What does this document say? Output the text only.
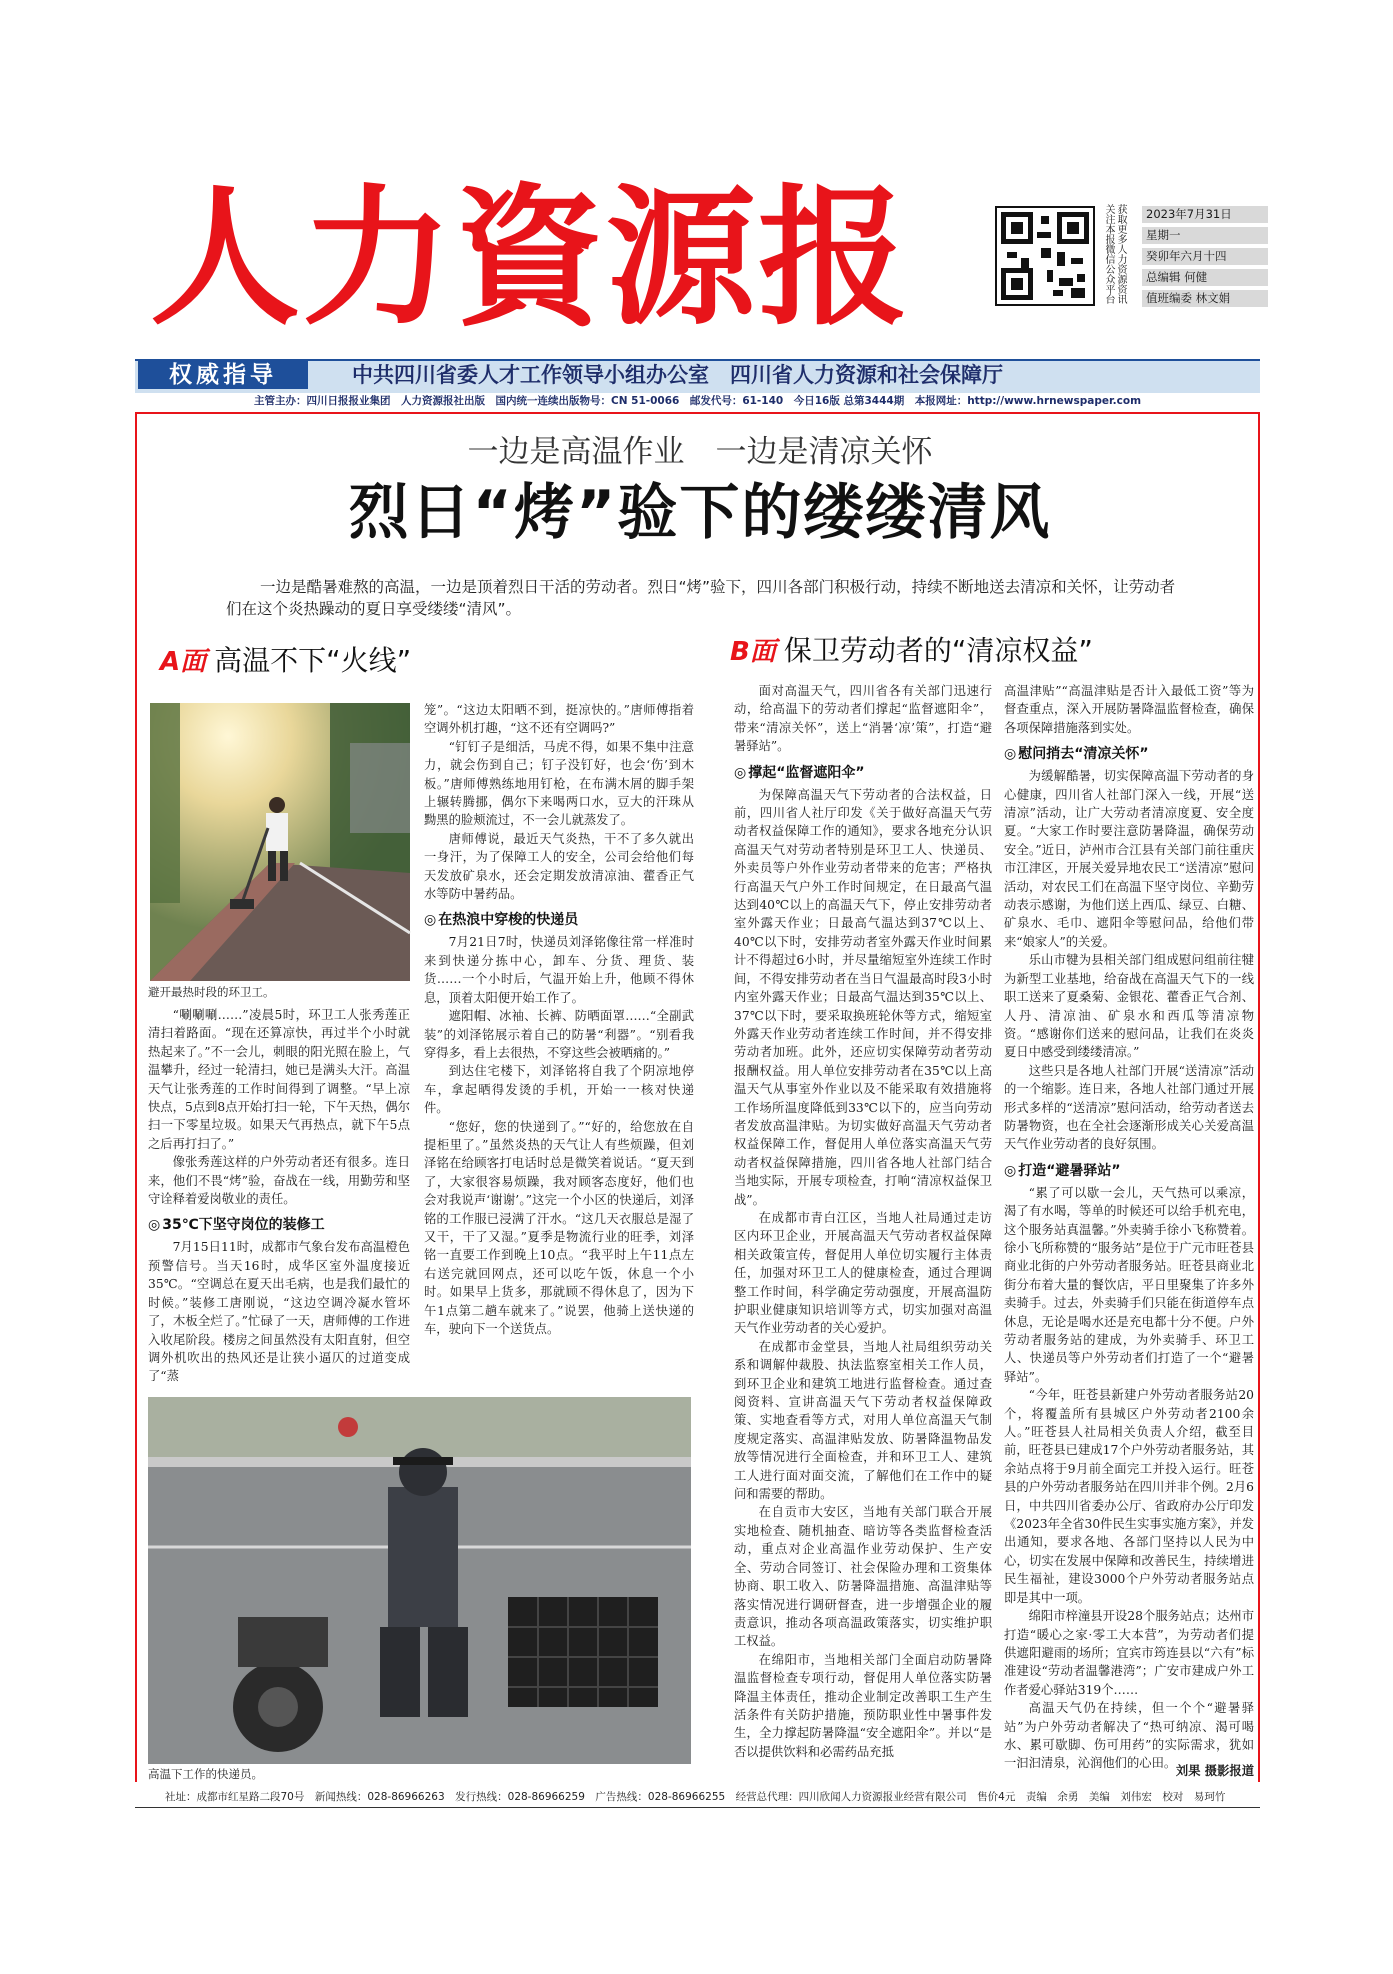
人力資源报	获取更多人力资源资讯 关注本报微信公众平台	2023年7月31日
星期一
癸卯年六月十四
总编辑 何健
值班编委 林文娟
权威指导	中共四川省委人才工作领导小组办公室　四川省人力资源和社会保障厅
主管主办：四川日报报业集团　人力资源报社出版　国内统一连续出版物号：CN 51-0066　邮发代号：61-140　今日16版 总第3444期　本报网址：http://www.hrnewspaper.com
一边是高温作业　一边是清凉关怀
烈日“烤”验下的缕缕清风
一边是酷暑难熬的高温，一边是顶着烈日干活的劳动者。烈日“烤”验下，四川各部门积极行动，持续不断地送去清凉和关怀，让劳动者们在这个炎热躁动的夏日享受缕缕“清风”。
A面 高温不下“火线”	B面 保卫劳动者的“清凉权益”
避开最热时段的环卫工。

“唰唰唰……”凌晨5时，环卫工人张秀莲正清扫着路面。“现在还算凉快，再过半个小时就热起来了。”不一会儿，刺眼的阳光照在脸上，气温攀升，经过一轮清扫，她已是满头大汗。高温天气让张秀莲的工作时间得到了调整。“早上凉快点，5点到8点开始打扫一轮，下午天热，偶尔扫一下零星垃圾。如果天气再热点，就下午5点之后再打扫了。”

像张秀莲这样的户外劳动者还有很多。连日来，他们不畏“烤”验，奋战在一线，用勤劳和坚守诠释着爱岗敬业的责任。

◎ 35℃下坚守岗位的装修工

7月15日11时，成都市气象台发布高温橙色预警信号。当天16时，成华区室外温度接近35℃。“空调总在夏天出毛病，也是我们最忙的时候。”装修工唐刚说，“这边空调冷凝水管坏了，木板全烂了。”忙碌了一天，唐师傅的工作进入收尾阶段。楼房之间虽然没有太阳直射，但空调外机吹出的热风还是让狭小逼仄的过道变成了“蒸

笼”。“这边太阳晒不到，挺凉快的。”唐师傅指着空调外机打趣，“这不还有空调吗?”

“钉钉子是细活，马虎不得，如果不集中注意力，就会伤到自己；钉子没钉好，也会‘伤’到木板。”唐师傅熟练地用钉枪，在布满木屑的脚手架上辗转腾挪，偶尔下来喝两口水，豆大的汗珠从黝黑的脸颊流过，不一会儿就蒸发了。

唐师傅说，最近天气炎热，干不了多久就出一身汗，为了保障工人的安全，公司会给他们每天发放矿泉水，还会定期发放清凉油、藿香正气水等防中暑药品。

◎ 在热浪中穿梭的快递员

7月21日7时，快递员刘泽铭像往常一样准时来到快递分拣中心，卸车、分货、理货、装货……一个小时后，气温开始上升，他顾不得休息，顶着太阳便开始工作了。

遮阳帽、冰袖、长裤、防晒面罩……“全副武装”的刘泽铭展示着自己的防暑“利器”。“别看我穿得多，看上去很热，不穿这些会被晒痛的。”

到达住宅楼下，刘泽铭将自我了个阴凉地停车，拿起晒得发烫的手机，开始一一核对快递件。

“您好，您的快递到了。”“好的，给您放在自提柜里了。”虽然炎热的天气让人有些烦躁，但刘泽铭在给顾客打电话时总是微笑着说话。“夏天到了，大家很容易烦躁，我对顾客态度好，他们也会对我说声‘谢谢’。”这完一个小区的快递后，刘泽铭的工作服已浸满了汗水。“这几天衣服总是湿了又干，干了又湿。”夏季是物流行业的旺季，刘泽铭一直要工作到晚上10点。“我平时上午11点左右送完就回网点，还可以吃午饭，休息一个小时。如果早上货多，那就顾不得休息了，因为下午1点第二趟车就来了。”说罢，他骑上送快递的车，驶向下一个送货点。

高温下工作的快递员。

面对高温天气，四川省各有关部门迅速行动，给高温下的劳动者们撑起“监督遮阳伞”，带来“清凉关怀”，送上“消暑‘凉’策”，打造“避暑驿站”。

◎ 撑起“监督遮阳伞”

为保障高温天气下劳动者的合法权益，日前，四川省人社厅印发《关于做好高温天气劳动者权益保障工作的通知》，要求各地充分认识高温天气对劳动者特别是环卫工人、快递员、外卖员等户外作业劳动者带来的危害；严格执行高温天气户外工作时间规定，在日最高气温达到40℃以上的高温天气下，停止安排劳动者室外露天作业；日最高气温达到37℃以上、40℃以下时，安排劳动者室外露天作业时间累计不得超过6小时，并尽量缩短室外连续工作时间，不得安排劳动者在当日气温最高时段3小时内室外露天作业；日最高气温达到35℃以上、37℃以下时，要采取换班轮休等方式，缩短室外露天作业劳动者连续工作时间，并不得安排劳动者加班。此外，还应切实保障劳动者劳动报酬权益。用人单位安排劳动者在35℃以上高温天气从事室外作业以及不能采取有效措施将工作场所温度降低到33℃以下的，应当向劳动者发放高温津贴。为切实做好高温天气劳动者权益保障工作，督促用人单位落实高温天气劳动者权益保障措施，四川省各地人社部门结合当地实际，开展专项检查，打响“清凉权益保卫战”。

在成都市青白江区，当地人社局通过走访区内环卫企业，开展高温天气劳动者权益保障相关政策宣传，督促用人单位切实履行主体责任，加强对环卫工人的健康检查，通过合理调整工作时间，科学确定劳动强度，开展高温防护职业健康知识培训等方式，切实加强对高温天气作业劳动者的关心爱护。

在成都市金堂县，当地人社局组织劳动关系和调解仲裁股、执法监察室相关工作人员，到环卫企业和建筑工地进行监督检查。通过查阅资料、宣讲高温天气下劳动者权益保障政策、实地查看等方式，对用人单位高温天气制度规定落实、高温津贴发放、防暑降温物品发放等情况进行全面检查，并和环卫工人、建筑工人进行面对面交流，了解他们在工作中的疑问和需要的帮助。

在自贡市大安区，当地有关部门联合开展实地检查、随机抽查、暗访等各类监督检查活动，重点对企业高温作业劳动保护、生产安全、劳动合同签订、社会保险办理和工资集体协商、职工收入、防暑降温措施、高温津贴等落实情况进行调研督查，进一步增强企业的履责意识，推动各项高温政策落实，切实维护职工权益。

在绵阳市，当地相关部门全面启动防暑降温监督检查专项行动，督促用人单位落实防暑降温主体责任，推动企业制定改善职工生产生活条件有关防护措施，预防职业性中暑事件发生，全力撑起防暑降温“安全遮阳伞”。并以“是否以提供饮料和必需药品充抵

高温津贴”“高温津贴是否计入最低工资”等为督查重点，深入开展防暑降温监督检查，确保各项保障措施落到实处。

◎ 慰问捎去“清凉关怀”

为缓解酷暑，切实保障高温下劳动者的身心健康，四川省人社部门深入一线，开展“送清凉”活动，让广大劳动者清凉度夏、安全度夏。“大家工作时要注意防暑降温，确保劳动安全。”近日，泸州市合江县有关部门前往重庆市江津区，开展关爱异地农民工“送清凉”慰问活动，对农民工们在高温下坚守岗位、辛勤劳动表示感谢，为他们送上西瓜、绿豆、白糖、矿泉水、毛巾、遮阳伞等慰问品，给他们带来“娘家人”的关爱。

乐山市犍为县相关部门组成慰问组前往犍为新型工业基地，给奋战在高温天气下的一线职工送来了夏桑菊、金银花、藿香正气合剂、人丹、清凉油、矿泉水和西瓜等清凉物资。“感谢你们送来的慰问品，让我们在炎炎夏日中感受到缕缕清凉。”

这些只是各地人社部门开展“送清凉”活动的一个缩影。连日来，各地人社部门通过开展形式多样的“送清凉”慰问活动，给劳动者送去防暑物资，也在全社会逐渐形成关心关爱高温天气作业劳动者的良好氛围。

◎ 打造“避暑驿站”

“累了可以歇一会儿，天气热可以乘凉，渴了有水喝，等单的时候还可以给手机充电，这个服务站真温馨。”外卖骑手徐小飞称赞着。徐小飞所称赞的“服务站”是位于广元市旺苍县商业北街的户外劳动者服务站。旺苍县商业北街分布着大量的餐饮店，平日里聚集了许多外卖骑手。过去，外卖骑手们只能在街道停车点休息，无论是喝水还是充电都十分不便。户外劳动者服务站的建成，为外卖骑手、环卫工人、快递员等户外劳动者们打造了一个“避暑驿站”。

“今年，旺苍县新建户外劳动者服务站20个，将覆盖所有县城区户外劳动者2100余人。”旺苍县人社局相关负责人介绍，截至目前，旺苍县已建成17个户外劳动者服务站，其余站点将于9月前全面完工并投入运行。旺苍县的户外劳动者服务站在四川并非个例。2月6日，中共四川省委办公厅、省政府办公厅印发《2023年全省30件民生实事实施方案》，并发出通知，要求各地、各部门坚持以人民为中心，切实在发展中保障和改善民生，持续增进民生福祉，建设3000个户外劳动者服务站点即是其中一项。

绵阳市梓潼县开设28个服务站点；达州市打造“暖心之家·零工大本营”，为劳动者们提供遮阳避雨的场所；宜宾市筠连县以“六有”标准建设“劳动者温馨港湾”；广安市建成户外工作者爱心驿站319个……

高温天气仍在持续，但一个个“避暑驿站”为户外劳动者解决了“热可纳凉、渴可喝水、累可歇脚、伤可用药”的实际需求，犹如一汩汩清泉，沁润他们的心田。 刘果 摄影报道
社址：成都市红星路二段70号　新闻热线：028-86966263　发行热线：028-86966259　广告热线：028-86966255　经营总代理：四川欣闻人力资源报业经营有限公司　售价4元　责编　余勇　美编　刘伟宏　校对　易珂竹
